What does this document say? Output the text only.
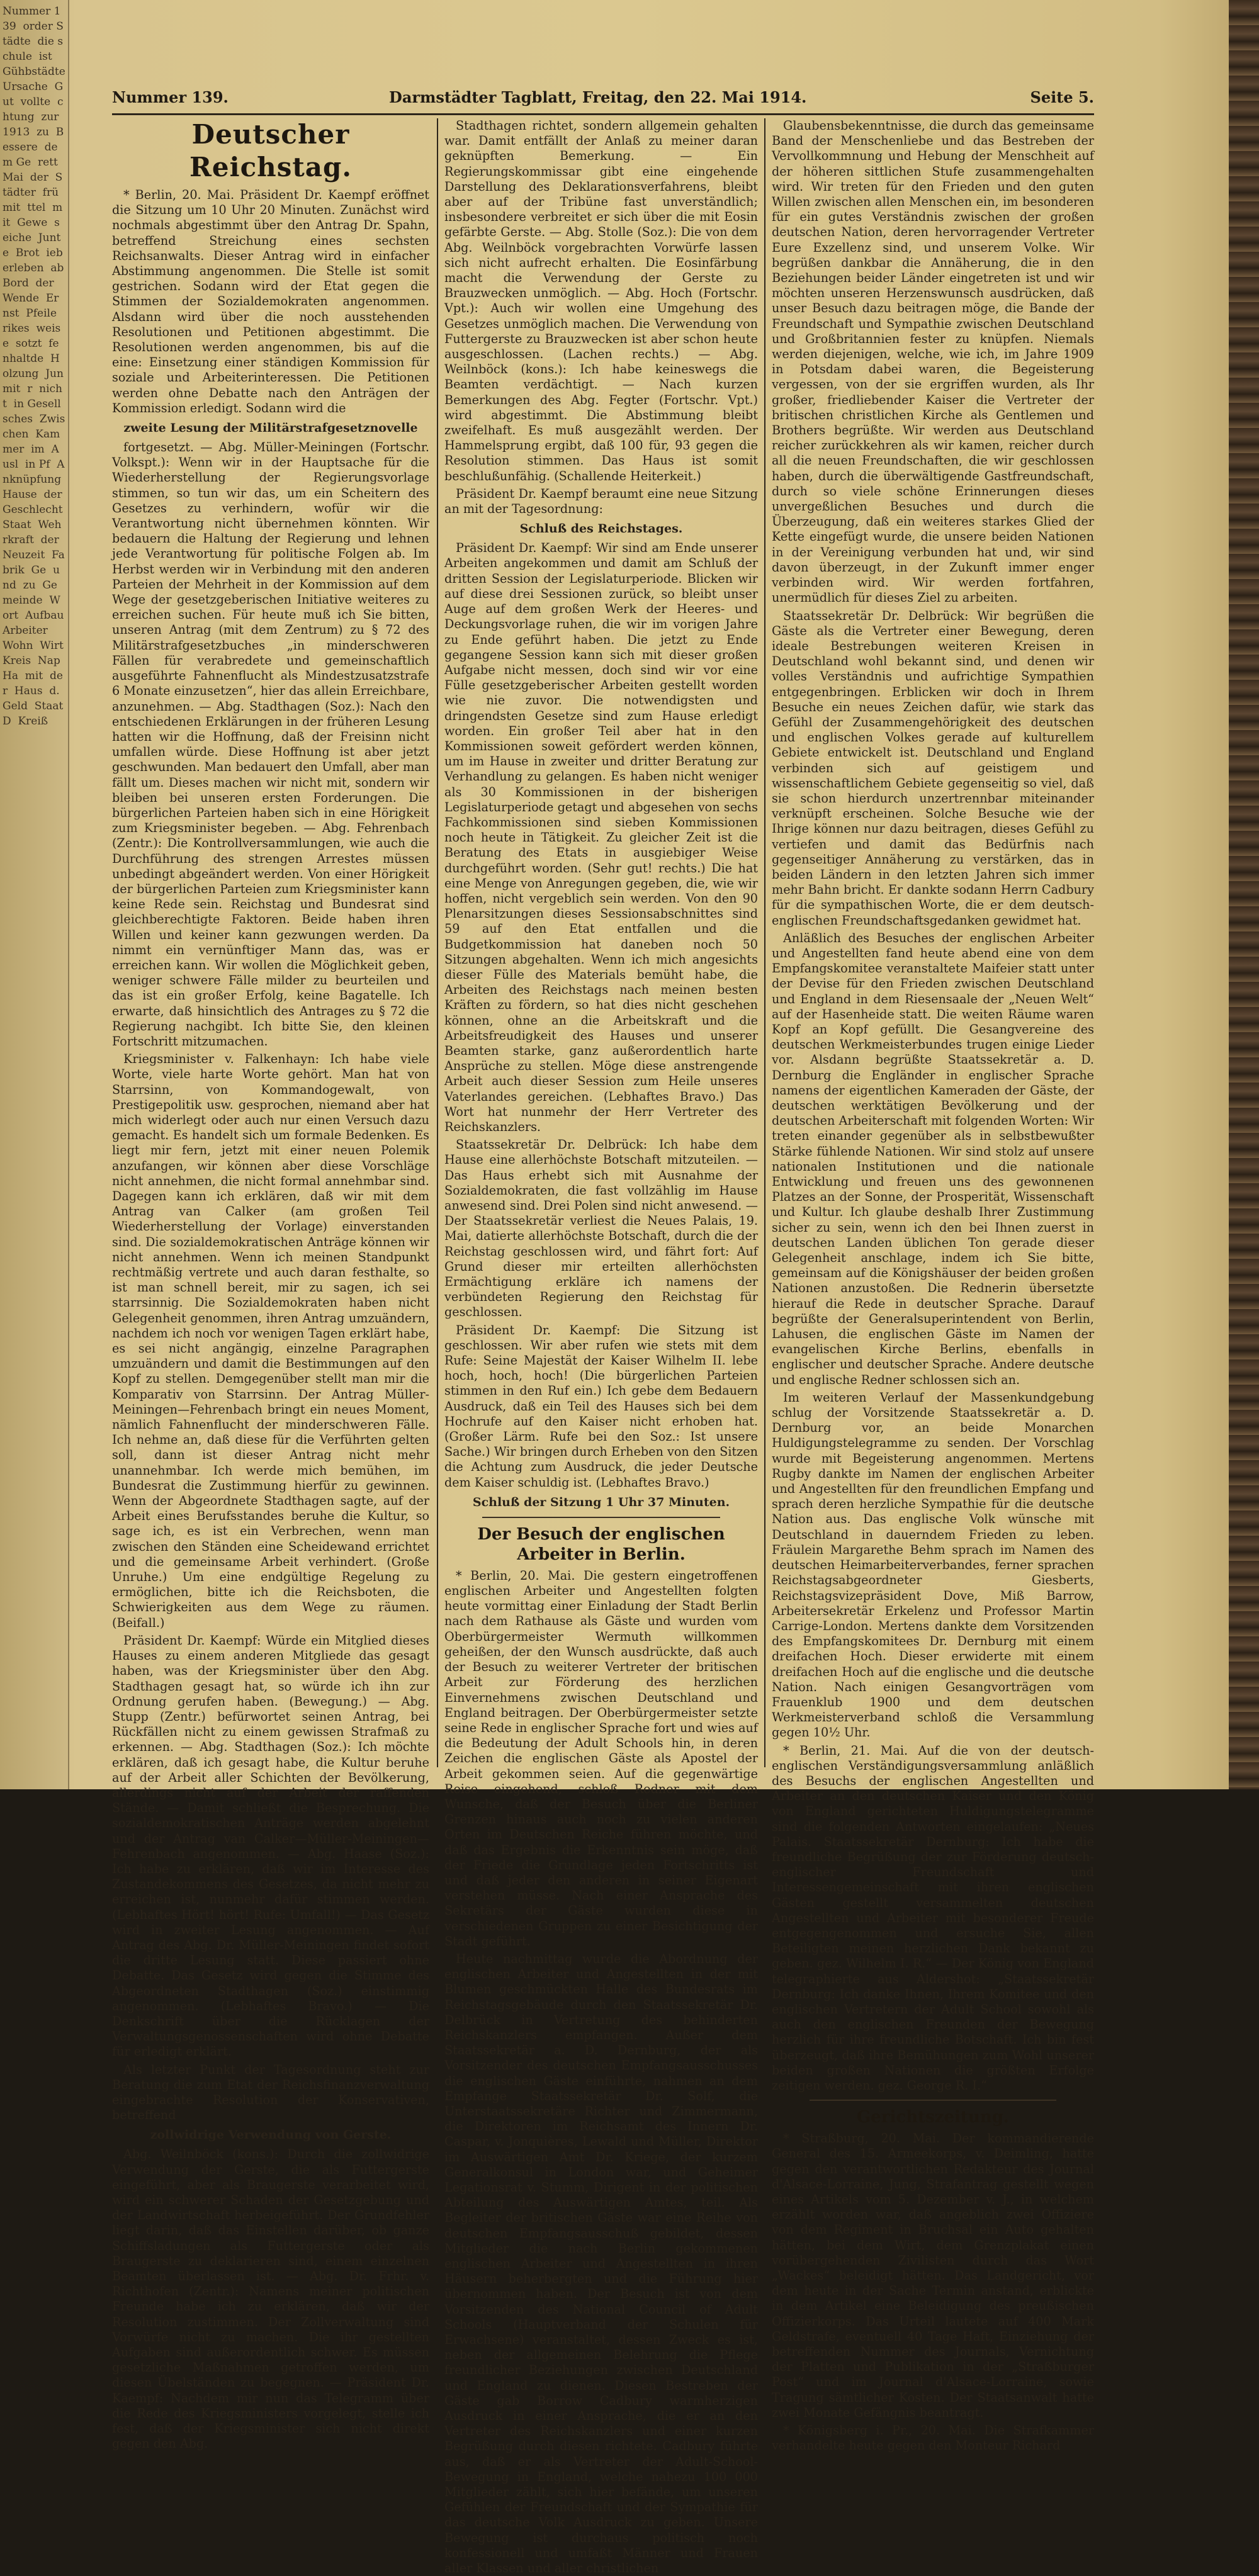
Nummer 139  order Städte  die schule  ist  Gühbstädte  Ursache  Gut  vollte  chtung  zur 1913  zu  Bessere  dem Ge  rett  Mai  der  Städter  frü  mit  ttel  mit  Gewe  seiche  Junte  Brot  ieberleben  ab Bord  der Wende  Ernst  Pfeile  rikes  weise  sotzt  fenhaltde  Holzung  Jun  mit  r  nicht  in Gesell  sches  Zwischen  Kammer  im  Ausl  in Pf  Anknüpfung  Hause  der  Geschlecht  Staat  Wehrkraft  der Neuzeit  Fabrik  Ge  und  zu  Gemeinde  Wort  Aufbau  Arbeiter  Wohn  Wirt  Kreis  Nap  Ha  mit  der  Haus  d. Geld  Staat  D  Kreiß
Nummer 139.	Darmstädter Tagblatt, Freitag, den 22. Mai 1914.	Seite 5.
Deutscher Reichstag.

* Berlin, 20. Mai. Präsident Dr. Kaempf eröffnet die Sitzung um 10 Uhr 20 Minuten. Zunächst wird nochmals abgestimmt über den Antrag Dr. Spahn, betreffend Streichung eines sechsten Reichsanwalts. Dieser Antrag wird in einfacher Abstimmung angenommen. Die Stelle ist somit gestrichen. Sodann wird der Etat gegen die Stimmen der Sozialdemokraten angenommen. Alsdann wird über die noch ausstehenden Resolutionen und Petitionen abgestimmt. Die Resolutionen werden angenommen, bis auf die eine: Einsetzung einer ständigen Kommission für soziale und Arbeiterinteressen. Die Petitionen werden ohne Debatte nach den Anträgen der Kommission erledigt. Sodann wird die

zweite Lesung der Militärstrafgesetznovelle

fortgesetzt. — Abg. Müller-Meiningen (Fortschr. Volkspt.): Wenn wir in der Hauptsache für die Wiederherstellung der Regierungsvorlage stimmen, so tun wir das, um ein Scheitern des Gesetzes zu verhindern, wofür wir die Verantwortung nicht übernehmen könnten. Wir bedauern die Haltung der Regierung und lehnen jede Verantwortung für politische Folgen ab. Im Herbst werden wir in Verbindung mit den anderen Parteien der Mehrheit in der Kommission auf dem Wege der gesetzgeberischen Initiative weiteres zu erreichen suchen. Für heute muß ich Sie bitten, unseren Antrag (mit dem Zentrum) zu § 72 des Militärstrafgesetzbuches „in minderschweren Fällen für verabredete und gemeinschaftlich ausgeführte Fahnenflucht als Mindestzusatzstrafe 6 Monate einzusetzen“, hier das allein Erreichbare, anzunehmen. — Abg. Stadthagen (Soz.): Nach den entschiedenen Erklärungen in der früheren Lesung hatten wir die Hoffnung, daß der Freisinn nicht umfallen würde. Diese Hoffnung ist aber jetzt geschwunden. Man bedauert den Umfall, aber man fällt um. Dieses machen wir nicht mit, sondern wir bleiben bei unseren ersten Forderungen. Die bürgerlichen Parteien haben sich in eine Hörigkeit zum Kriegsminister begeben. — Abg. Fehrenbach (Zentr.): Die Kontrollversammlungen, wie auch die Durchführung des strengen Arrestes müssen unbedingt abgeändert werden. Von einer Hörigkeit der bürgerlichen Parteien zum Kriegsminister kann keine Rede sein. Reichstag und Bundesrat sind gleichberechtigte Faktoren. Beide haben ihren Willen und keiner kann gezwungen werden. Da nimmt ein vernünftiger Mann das, was er erreichen kann. Wir wollen die Möglichkeit geben, weniger schwere Fälle milder zu beurteilen und das ist ein großer Erfolg, keine Bagatelle. Ich erwarte, daß hinsichtlich des Antrages zu § 72 die Regierung nachgibt. Ich bitte Sie, den kleinen Fortschritt mitzumachen.

Kriegsminister v. Falkenhayn: Ich habe viele Worte, viele harte Worte gehört. Man hat von Starrsinn, von Kommandogewalt, von Prestigepolitik usw. gesprochen, niemand aber hat mich widerlegt oder auch nur einen Versuch dazu gemacht. Es handelt sich um formale Bedenken. Es liegt mir fern, jetzt mit einer neuen Polemik anzufangen, wir können aber diese Vorschläge nicht annehmen, die nicht formal annehmbar sind. Dagegen kann ich erklären, daß wir mit dem Antrag van Calker (am großen Teil Wiederherstellung der Vorlage) einverstanden sind. Die sozialdemokratischen Anträge können wir nicht annehmen. Wenn ich meinen Standpunkt rechtmäßig vertrete und auch daran festhalte, so ist man schnell bereit, mir zu sagen, ich sei starrsinnig. Die Sozialdemokraten haben nicht Gelegenheit genommen, ihren Antrag umzuändern, nachdem ich noch vor wenigen Tagen erklärt habe, es sei nicht angängig, einzelne Paragraphen umzuändern und damit die Bestimmungen auf den Kopf zu stellen. Demgegenüber stellt man mir die Komparativ von Starrsinn. Der Antrag Müller-Meiningen—Fehrenbach bringt ein neues Moment, nämlich Fahnenflucht der minderschweren Fälle. Ich nehme an, daß diese für die Verführten gelten soll, dann ist dieser Antrag nicht mehr unannehmbar. Ich werde mich bemühen, im Bundesrat die Zustimmung hierfür zu gewinnen. Wenn der Abgeordnete Stadthagen sagte, auf der Arbeit eines Berufsstandes beruhe die Kultur, so sage ich, es ist ein Verbrechen, wenn man zwischen den Ständen eine Scheidewand errichtet und die gemeinsame Arbeit verhindert. (Große Unruhe.) Um eine endgültige Regelung zu ermöglichen, bitte ich die Reichsboten, die Schwierigkeiten aus dem Wege zu räumen. (Beifall.)

Präsident Dr. Kaempf: Würde ein Mitglied dieses Hauses zu einem anderen Mitgliede das gesagt haben, was der Kriegsminister über den Abg. Stadthagen gesagt hat, so würde ich ihn zur Ordnung gerufen haben. (Bewegung.) — Abg. Stupp (Zentr.) befürwortet seinen Antrag, bei Rückfällen nicht zu einem gewissen Strafmaß zu erkennen. — Abg. Stadthagen (Soz.): Ich möchte erklären, daß ich gesagt habe, die Kultur beruhe auf der Arbeit aller Schichten der Bevölkerung, allerdings nicht auf der Arbeit der raffenden Stände. — Damit schließt die Besprechung. Die sozialdemokratischen Anträge werden abgelehnt und der Antrag van Calker—Müller-Meiningen—Fehrenbach angenommen. — Abg. Haase (Soz.): Ich habe zu erklären, daß wir im Interesse des Zustandekommens des Gesetzes, da nicht mehr zu erreichen ist, nunmehr dafür stimmen werden. (Lebhaftes Hört! hört! Rufe: Umfall!) — Das Gesetz wird in zweiter Lesung angenommen. — Auf Antrag des Abg. Dr. Müller-Meiningen findet sofort die dritte Lesung statt. Diese passiert ohne Debatte. Das Gesetz wird gegen die Stimme des Abgeordneten Stadthagen (Soz.) einstimmig angenommen. (Lebhaftes Bravo.) — Die Denkschrift über die Rücklagen der Verwaltungsgenossenschaften wird ohne Debatte für erledigt erklärt.

Als letzter Punkt der Tagesordnung steht zur Beratung die zum Etat der Reichsfinanzverwaltung eingebrachte Resolution der Konservativen, betreffend

zollwidrige Verwendung von Gerste.

Abg. Weilnböck (kons.): Durch die zollwidrige Verwendung der Gerste, die als Futtergerste eingeführt, aber als Braugerste verarbeitet wird, wird ein schwerer Schaden der Gesetzgebung und der Landwirtschaft herbeigeführt. Der Grundfehler liegt darin, daß das Einstellen darüber, ob ganze Schiffsladungen als Futtergerste oder als Braugerste zu deklarieren sind, einem einzelnen Beamten überlassen ist. — Abg. Dr. Frhr. v. Richthofen (Zentr.): Namens meiner politischen Freunde habe ich zu erklären, daß wir der Resolution zustimmen. Der Zollverwaltung sind Vorwürfe nicht zu machen. Die ihr gestellten Aufgaben sind außerordentlich schwer. Es müssen gesetzliche Maßnahmen getroffen werden, um diesen Übelständen zu begegnen. — Präsident Dr. Kaempf: Nachdem mir nun das Telegramm über die Rede des Kriegsministers vorgelegt, stelle ich fest, daß der Kriegsminister sich nicht direkt gegen den Abg.

Stadthagen richtet, sondern allgemein gehalten war. Damit entfällt der Anlaß zu meiner daran geknüpften Bemerkung. — Ein Regierungskommissar gibt eine eingehende Darstellung des Deklarationsverfahrens, bleibt aber auf der Tribüne fast unverständlich; insbesondere verbreitet er sich über die mit Eosin gefärbte Gerste. — Abg. Stolle (Soz.): Die von dem Abg. Weilnböck vorgebrachten Vorwürfe lassen sich nicht aufrecht erhalten. Die Eosinfärbung macht die Verwendung der Gerste zu Brauzwecken unmöglich. — Abg. Hoch (Fortschr. Vpt.): Auch wir wollen eine Umgehung des Gesetzes unmöglich machen. Die Verwendung von Futtergerste zu Brauzwecken ist aber schon heute ausgeschlossen. (Lachen rechts.) — Abg. Weilnböck (kons.): Ich habe keineswegs die Beamten verdächtigt. — Nach kurzen Bemerkungen des Abg. Fegter (Fortschr. Vpt.) wird abgestimmt. Die Abstimmung bleibt zweifelhaft. Es muß ausgezählt werden. Der Hammelsprung ergibt, daß 100 für, 93 gegen die Resolution stimmen. Das Haus ist somit beschlußunfähig. (Schallende Heiterkeit.)

Präsident Dr. Kaempf beraumt eine neue Sitzung an mit der Tagesordnung:

Schluß des Reichstages.

Präsident Dr. Kaempf: Wir sind am Ende unserer Arbeiten angekommen und damit am Schluß der dritten Session der Legislaturperiode. Blicken wir auf diese drei Sessionen zurück, so bleibt unser Auge auf dem großen Werk der Heeres- und Deckungsvorlage ruhen, die wir im vorigen Jahre zu Ende geführt haben. Die jetzt zu Ende gegangene Session kann sich mit dieser großen Aufgabe nicht messen, doch sind wir vor eine Fülle gesetzgeberischer Arbeiten gestellt worden wie nie zuvor. Die notwendigsten und dringendsten Gesetze sind zum Hause erledigt worden. Ein großer Teil aber hat in den Kommissionen soweit gefördert werden können, um im Hause in zweiter und dritter Beratung zur Verhandlung zu gelangen. Es haben nicht weniger als 30 Kommissionen in der bisherigen Legislaturperiode getagt und abgesehen von sechs Fachkommissionen sind sieben Kommissionen noch heute in Tätigkeit. Zu gleicher Zeit ist die Beratung des Etats in ausgiebiger Weise durchgeführt worden. (Sehr gut! rechts.) Die hat eine Menge von Anregungen gegeben, die, wie wir hoffen, nicht vergeblich sein werden. Von den 90 Plenarsitzungen dieses Sessionsabschnittes sind 59 auf den Etat entfallen und die Budgetkommission hat daneben noch 50 Sitzungen abgehalten. Wenn ich mich angesichts dieser Fülle des Materials bemüht habe, die Arbeiten des Reichstags nach meinen besten Kräften zu fördern, so hat dies nicht geschehen können, ohne an die Arbeitskraft und die Arbeitsfreudigkeit des Hauses und unserer Beamten starke, ganz außerordentlich harte Ansprüche zu stellen. Möge diese anstrengende Arbeit auch dieser Session zum Heile unseres Vaterlandes gereichen. (Lebhaftes Bravo.) Das Wort hat nunmehr der Herr Vertreter des Reichskanzlers.

Staatssekretär Dr. Delbrück: Ich habe dem Hause eine allerhöchste Botschaft mitzuteilen. — Das Haus erhebt sich mit Ausnahme der Sozialdemokraten, die fast vollzählig im Hause anwesend sind. Drei Polen sind nicht anwesend. — Der Staatssekretär verliest die Neues Palais, 19. Mai, datierte allerhöchste Botschaft, durch die der Reichstag geschlossen wird, und fährt fort: Auf Grund dieser mir erteilten allerhöchsten Ermächtigung erkläre ich namens der verbündeten Regierung den Reichstag für geschlossen.

Präsident Dr. Kaempf: Die Sitzung ist geschlossen. Wir aber rufen wie stets mit dem Rufe: Seine Majestät der Kaiser Wilhelm II. lebe hoch, hoch, hoch! (Die bürgerlichen Parteien stimmen in den Ruf ein.) Ich gebe dem Bedauern Ausdruck, daß ein Teil des Hauses sich bei dem Hochrufe auf den Kaiser nicht erhoben hat. (Großer Lärm. Rufe bei den Soz.: Ist unsere Sache.) Wir bringen durch Erheben von den Sitzen die Achtung zum Ausdruck, die jeder Deutsche dem Kaiser schuldig ist. (Lebhaftes Bravo.)

Schluß der Sitzung 1 Uhr 37 Minuten.
Der Besuch der englischen Arbeiter in Berlin.

* Berlin, 20. Mai. Die gestern eingetroffenen englischen Arbeiter und Angestellten folgten heute vormittag einer Einladung der Stadt Berlin nach dem Rathause als Gäste und wurden vom Oberbürgermeister Wermuth willkommen geheißen, der den Wunsch ausdrückte, daß auch der Besuch zu weiterer Vertreter der britischen Arbeit zur Förderung des herzlichen Einvernehmens zwischen Deutschland und England beitragen. Der Oberbürgermeister setzte seine Rede in englischer Sprache fort und wies auf die Bedeutung der Adult Schools hin, in deren Zeichen die englischen Gäste als Apostel der Arbeit gekommen seien. Auf die gegenwärtige Reise eingehend, schloß Redner mit dem Wunsche, daß der Besuch über die Berliner Grenzen hinaus auch noch zu vielen anderen Orten im Deutschen Reiche führen möchte, und daß das Ergebnis die Erkenntnis sein möge, daß der Friede die Grundlage jeden Fortschritts ist und daß jeder den anderen in seiner Eigenart verstehen müsse. Nach einer Ansprache des Sekretärs der Gäste wurden diese in verschiedenen Gruppen zu einer Besichtigung der Stadt geführt.

Heute nachmittag wurde die Abordnung der englischen Arbeiter und Angestellten in der mit Blumen geschmückten Halle des Bundesrats im Reichstagsgebäude durch den Staatssekretär Dr. Delbrück in Vertretung des behinderten Reichskanzlers empfangen. Außer dem Staatssekretär a. D. Dernburg, der als Vorsitzender des deutschen Empfangsausschusses die englischen Gäste einführte, nahmen an dem Empfange Staatssekretär Dr. Solf, die Unterstaatssekretäre Richter und Zimmermann, die Direktoren im Reichsamt des Innern Dr. Caspar, v. Jonquières, Lewald und Müller, Direktor im Auswärtigen Amt Dr. Kriege, der kurzem Generalkonsul in London war, und Geheimer Legationsrat v. Stumm, Dirigent in der politischen Abteilung des Auswärtigen Amtes, teil. Als Begleiter der britischen Gäste war eine Reihe von deutschen Empfangsausschuß gebildet, dessen Mitglieder die nach Berlin gekommenen englischen Arbeiter und Angestellten in ihren Häusern beherbergten und die Führung hier übernommen haben. Der Besuch ist von dem Vorsitzenden des National Council of Adult Schools (Hauptverband der Schulen für Erwachsene) veranstaltet, dessen Zweck es ist, neben der allgemeinen Belehrung die Pflege freundlicher Beziehungen zwischen Deutschland und England zu dienen. Diesen Bestreben der Gäste gab Borrow Cadbury warmherzigen Ausdruck in einer Ansprache, die er an den Vertreter des Reichskanzlers und einer kurzen Begrüßung durch diesen richtete. Cadbury führte aus, daß er als Vertreter der Adult-School-Bewegung in England, welche nahezu 100 000 Mitglieder zählt, sich hier befände, um unseren Gefühlen der Freundschaft und der Sympathie für das deutsche Volk Ausdruck zu geben. Unsere Bewegung ist durchaus politisch noch konfessionell und umfaßt Männer und Frauen aller Klassen und aller christlichen

Glaubensbekenntnisse, die durch das gemeinsame Band der Menschenliebe und das Bestreben der Vervollkommnung und Hebung der Menschheit auf der höheren sittlichen Stufe zusammengehalten wird. Wir treten für den Frieden und den guten Willen zwischen allen Menschen ein, im besonderen für ein gutes Verständnis zwischen der großen deutschen Nation, deren hervorragender Vertreter Eure Exzellenz sind, und unserem Volke. Wir begrüßen dankbar die Annäherung, die in den Beziehungen beider Länder eingetreten ist und wir möchten unseren Herzenswunsch ausdrücken, daß unser Besuch dazu beitragen möge, die Bande der Freundschaft und Sympathie zwischen Deutschland und Großbritannien fester zu knüpfen. Niemals werden diejenigen, welche, wie ich, im Jahre 1909 in Potsdam dabei waren, die Begeisterung vergessen, von der sie ergriffen wurden, als Ihr großer, friedliebender Kaiser die Vertreter der britischen christlichen Kirche als Gentlemen und Brothers begrüßte. Wir werden aus Deutschland reicher zurückkehren als wir kamen, reicher durch all die neuen Freundschaften, die wir geschlossen haben, durch die überwältigende Gastfreundschaft, durch so viele schöne Erinnerungen dieses unvergeßlichen Besuches und durch die Überzeugung, daß ein weiteres starkes Glied der Kette eingefügt wurde, die unsere beiden Nationen in der Vereinigung verbunden hat und, wir sind davon überzeugt, in der Zukunft immer enger verbinden wird. Wir werden fortfahren, unermüdlich für dieses Ziel zu arbeiten.

Staatssekretär Dr. Delbrück: Wir begrüßen die Gäste als die Vertreter einer Bewegung, deren ideale Bestrebungen weiteren Kreisen in Deutschland wohl bekannt sind, und denen wir volles Verständnis und aufrichtige Sympathien entgegenbringen. Erblicken wir doch in Ihrem Besuche ein neues Zeichen dafür, wie stark das Gefühl der Zusammengehörigkeit des deutschen und englischen Volkes gerade auf kulturellem Gebiete entwickelt ist. Deutschland und England verbinden sich auf geistigem und wissenschaftlichem Gebiete gegenseitig so viel, daß sie schon hierdurch unzertrennbar miteinander verknüpft erscheinen. Solche Besuche wie der Ihrige können nur dazu beitragen, dieses Gefühl zu vertiefen und damit das Bedürfnis nach gegenseitiger Annäherung zu verstärken, das in beiden Ländern in den letzten Jahren sich immer mehr Bahn bricht. Er dankte sodann Herrn Cadbury für die sympathischen Worte, die er dem deutsch-englischen Freundschaftsgedanken gewidmet hat.

Anläßlich des Besuches der englischen Arbeiter und Angestellten fand heute abend eine von dem Empfangskomitee veranstaltete Maifeier statt unter der Devise für den Frieden zwischen Deutschland und England in dem Riesensaale der „Neuen Welt“ auf der Hasenheide statt. Die weiten Räume waren Kopf an Kopf gefüllt. Die Gesangvereine des deutschen Werkmeisterbundes trugen einige Lieder vor. Alsdann begrüßte Staatssekretär a. D. Dernburg die Engländer in englischer Sprache namens der eigentlichen Kameraden der Gäste, der deutschen werktätigen Bevölkerung und der deutschen Arbeiterschaft mit folgenden Worten: Wir treten einander gegenüber als in selbstbewußter Stärke fühlende Nationen. Wir sind stolz auf unsere nationalen Institutionen und die nationale Entwicklung und freuen uns des gewonnenen Platzes an der Sonne, der Prosperität, Wissenschaft und Kultur. Ich glaube deshalb Ihrer Zustimmung sicher zu sein, wenn ich den bei Ihnen zuerst in deutschen Landen üblichen Ton gerade dieser Gelegenheit anschlage, indem ich Sie bitte, gemeinsam auf die Königshäuser der beiden großen Nationen anzustoßen. Die Rednerin übersetzte hierauf die Rede in deutscher Sprache. Darauf begrüßte der Generalsuperintendent von Berlin, Lahusen, die englischen Gäste im Namen der evangelischen Kirche Berlins, ebenfalls in englischer und deutscher Sprache. Andere deutsche und englische Redner schlossen sich an.

Im weiteren Verlauf der Massenkundgebung schlug der Vorsitzende Staatssekretär a. D. Dernburg vor, an beide Monarchen Huldigungstelegramme zu senden. Der Vorschlag wurde mit Begeisterung angenommen. Mertens Rugby dankte im Namen der englischen Arbeiter und Angestellten für den freundlichen Empfang und sprach deren herzliche Sympathie für die deutsche Nation aus. Das englische Volk wünsche mit Deutschland in dauerndem Frieden zu leben. Fräulein Margarethe Behm sprach im Namen des deutschen Heimarbeiterverbandes, ferner sprachen Reichstagsabgeordneter Giesberts, Reichstagsvizepräsident Dove, Miß Barrow, Arbeitersekretär Erkelenz und Professor Martin Carrige-London. Mertens dankte dem Vorsitzenden des Empfangskomitees Dr. Dernburg mit einem dreifachen Hoch. Dieser erwiderte mit einem dreifachen Hoch auf die englische und die deutsche Nation. Nach einigen Gesangvorträgen vom Frauenklub 1900 und dem deutschen Werkmeisterverband schloß die Versammlung gegen 10½ Uhr.

* Berlin, 21. Mai. Auf die von der deutsch-englischen Verständigungsversammlung anläßlich des Besuchs der englischen Angestellten und Arbeiter an den deutschen Kaiser und den König von England gerichteten Huldigungstelegramme sind die folgenden Antworten eingelaufen: „Neues Palais. Staatssekretär Dernburg: Ich habe die freundliche Begrüßung der zur Förderung deutsch-englischer Freundschaft und Interessengemeinschaft mit ihren englischen Gästen gestellt versammelten deutschen Angestellten und Arbeiter mit besonderer Freude entgegengenommen und ersuche Sie, allen Beteiligten meinen herzlichen Dank bekannt zu geben. gez. Wilhelm I. R.“ — Der König von England telegraphierte aus Aldershot: „Staatssekretär Dernburg: Ich danke Ihnen, Ihrem Komitee und den englischen Vertretern der Adult School sowohl als auch den englischen Freunden der Bewegung herzlich für ihre freundliche Botschaft. Ich bin fest überzeugt, daß ihre Bemühungen zum Wohl unserer beiden großen Nationen die größten Erfolge zeitigen werden. gez. George R. I.“

Gerichtszeitung.

* Straßburg, 20. Mai. Der kommandierende General des 15. Armeekorps, v. Deimling, hatte gegen den verantwortlichen Redakteur des Journal d'Alsace-Lorraine, Jung, Strafantrag gestellt wegen eines Artikels vom 5. Dezember v. J., in welchem erzählt worden war, daß angeblich zwei Offiziere von dem Regiment in Bruchsal ein Auto gehalten hätten, bei dem Wirt, dem Grenzplakat einen vorübergehenden Zivilisten durch das Wort „Wackes“ beleidigt hätten. Das Landgericht, vor dem heute in der Sache Termin anstand, erblickte in dem Artikel eine Beleidigung des preußischen Offizierkorps. Das Urteil lautete auf 400 Mark Geldstrafe, eventuell 40 Tage Haft, Einziehung der betreffenden Nummer des Journals, Vernichtung der Platten und Publikation in der „Straßburger Post“ und im Journal d'Alsace-Lorraine, sowie Tragung sämtlicher Kosten. Der Staatsanwalt hatte zwei Monate Gefängnis beantragt.

* Königsberg i. Pr., 20. Mai. Die Strafkammer verhandelte heute gegen den Monteur Richard
